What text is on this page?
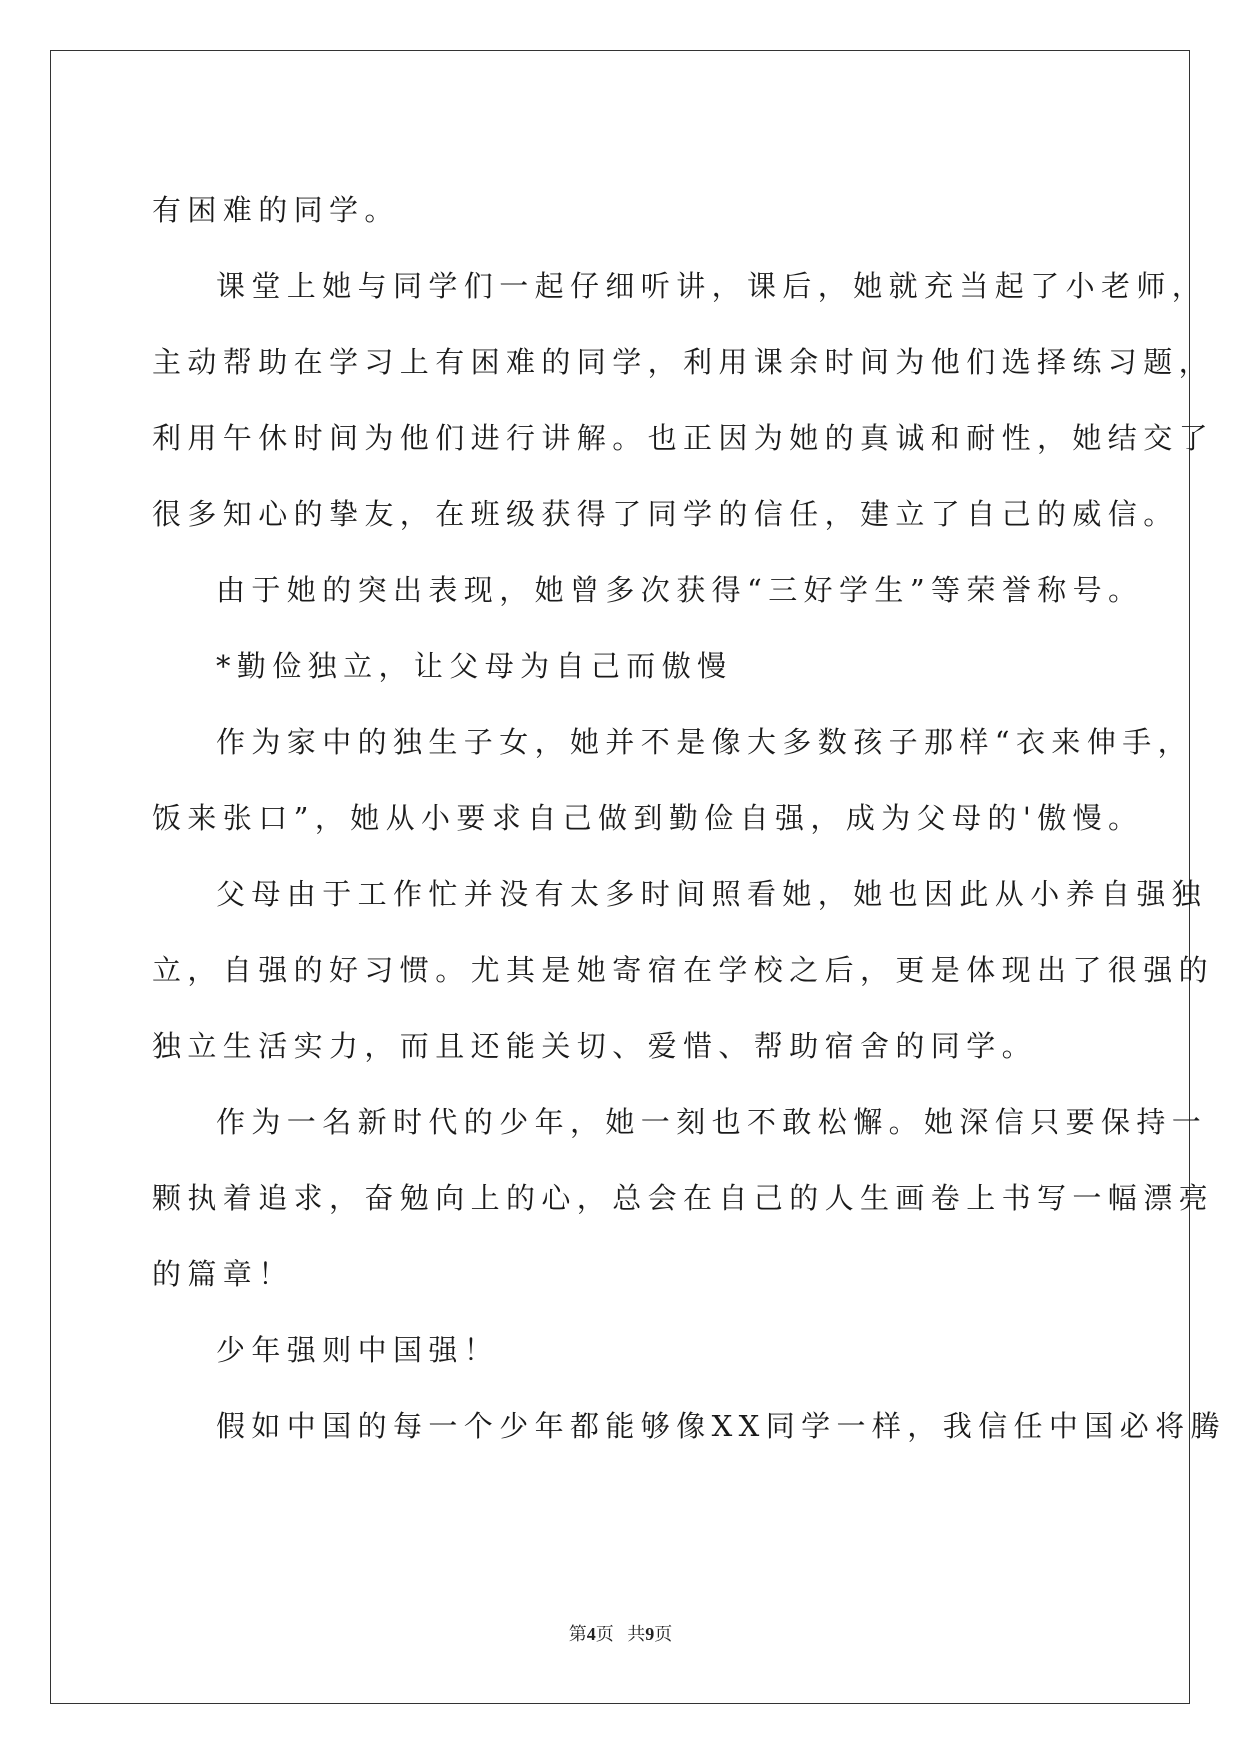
有困难的同学。
课堂上她与同学们一起仔细听讲，课后，她就充当起了小老师，
主动帮助在学习上有困难的同学，利用课余时间为他们选择练习题，
利用午休时间为他们进行讲解。也正因为她的真诚和耐性，她结交了
很多知心的挚友，在班级获得了同学的信任，建立了自己的威信。
由于她的突出表现，她曾多次获得“三好学生”等荣誉称号。
*勤俭独立，让父母为自己而傲慢
作为家中的独生子女，她并不是像大多数孩子那样“衣来伸手，
饭来张口”，她从小要求自己做到勤俭自强，成为父母的'傲慢。
父母由于工作忙并没有太多时间照看她，她也因此从小养自强独
立，自强的好习惯。尤其是她寄宿在学校之后，更是体现出了很强的
独立生活实力，而且还能关切、爱惜、帮助宿舍的同学。
作为一名新时代的少年，她一刻也不敢松懈。她深信只要保持一
颗执着追求，奋勉向上的心，总会在自己的人生画卷上书写一幅漂亮
的篇章！
少年强则中国强！
假如中国的每一个少年都能够像XX同学一样，我信任中国必将腾
第4页 共9页
